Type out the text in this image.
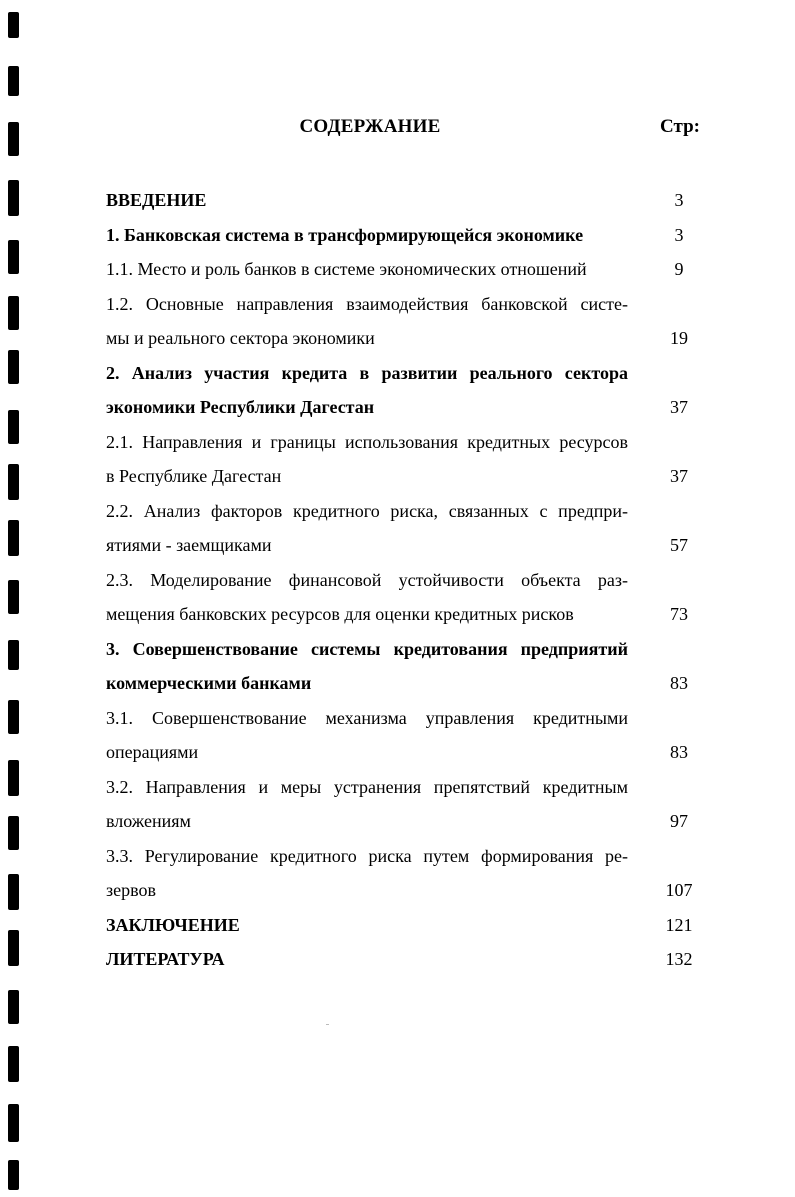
СОДЕРЖАНИЕ	Стр:
ВВЕДЕНИЕ	3
1. Банковская система в трансформирующейся экономике	3
1.1. Место и роль банков в системе экономических отношений	9
1.2. Основные направления взаимодействия банковской систе-
мы и реального сектора экономики	19
2. Анализ участия кредита в развитии реального сектора
экономики Республики Дагестан	37
2.1. Направления и границы использования кредитных ресурсов
в Республике Дагестан	37
2.2. Анализ факторов кредитного риска, связанных с предпри-
ятиями - заемщиками	57
2.3. Моделирование финансовой устойчивости объекта раз-
мещения банковских ресурсов для оценки кредитных рисков	73
3. Совершенствование системы кредитования предприятий
коммерческими банками	83
3.1. Совершенствование механизма управления кредитными
операциями	83
3.2. Направления и меры устранения препятствий кредитным
вложениям	97
3.3. Регулирование кредитного риска путем формирования ре-
зервов	107
ЗАКЛЮЧЕНИЕ	121
ЛИТЕРАТУРА	132
